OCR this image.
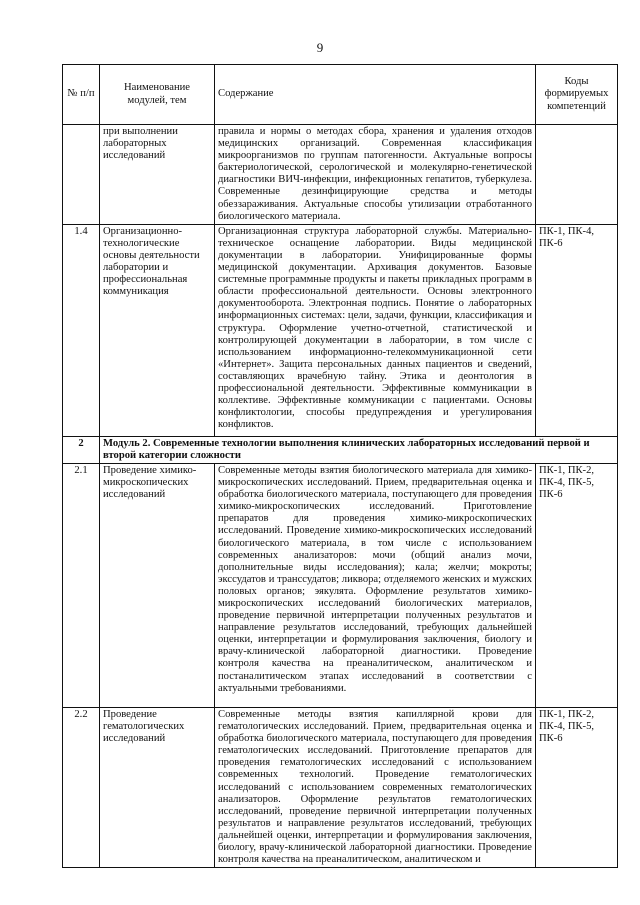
9
№ п/п	Наименование модулей, тем	Содержание	Коды формируемых компетенций
	при выполнении лабораторных исследований	правила и нормы о методах сбора, хранения и удаления отходов медицинских организаций. Современная классификация микроорганизмов по группам патогенности. Актуальные вопросы бактериологической, серологической и молекулярно-генетической диагностики ВИЧ-инфекции, инфекционных гепатитов, туберкулеза. Современные дезинфицирующие средства и методы обеззараживания. Актуальные способы утилизации отработанного биологического материала.	
1.4	Организационно-технологические основы деятельности лаборатории и профессиональная коммуникация	Организационная структура лабораторной службы. Материально-техническое оснащение лаборатории. Виды медицинской документации в лаборатории. Унифицированные формы медицинской документации. Архивация документов. Базовые системные программные продукты и пакеты прикладных программ в области профессиональной деятельности. Основы электронного документооборота. Электронная подпись. Понятие о лабораторных информационных системах: цели, задачи, функции, классификация и структура. Оформление учетно-отчетной, статистической и контролирующей документации в лаборатории, в том числе с использованием информационно-телекоммуникационной сети «Интернет». Защита персональных данных пациентов и сведений, составляющих врачебную тайну. Этика и деонтология в профессиональной деятельности. Эффективные коммуникации в коллективе. Эффективные коммуникации с пациентами. Основы конфликтологии, способы предупреждения и урегулирования конфликтов.	ПК-1, ПК-4, ПК-6
2	Модуль 2. Современные технологии выполнения клинических лабораторных исследований первой и второй категории сложности		
2.1	Проведение химико-микроскопических исследований	Современные методы взятия биологического материала для химико-микроскопических исследований. Прием, предварительная оценка и обработка биологического материала, поступающего для проведения химико-микроскопических исследований. Приготовление препаратов для проведения химико-микроскопических исследований. Проведение химико-микроскопических исследований биологического материала, в том числе с использованием современных анализаторов: мочи (общий анализ мочи, дополнительные виды исследования); кала; желчи; мокроты; экссудатов и транссудатов; ликвора; отделяемого женских и мужских половых органов; эякулята. Оформление результатов химико-микроскопических исследований биологических материалов, проведение первичной интерпретации полученных результатов и направление результатов исследований, требующих дальнейшей оценки, интерпретации и формулирования заключения, биологу и врачу-клинической лабораторной диагностики. Проведение контроля качества на преаналитическом, аналитическом и постаналитическом этапах исследований в соответствии с актуальными требованиями.	ПК-1, ПК-2, ПК-4, ПК-5, ПК-6
2.2	Проведение гематологических исследований	Современные методы взятия капиллярной крови для гематологических исследований. Прием, предварительная оценка и обработка биологического материала, поступающего для проведения гематологических исследований. Приготовление препаратов для проведения гематологических исследований с использованием современных технологий. Проведение гематологических исследований с использованием современных гематологических анализаторов. Оформление результатов гематологических исследований, проведение первичной интерпретации полученных результатов и направление результатов исследований, требующих дальнейшей оценки, интерпретации и формулирования заключения, биологу, врачу-клинической лабораторной диагностики. Проведение контроля качества на преаналитическом, аналитическом и	ПК-1, ПК-2, ПК-4, ПК-5, ПК-6
